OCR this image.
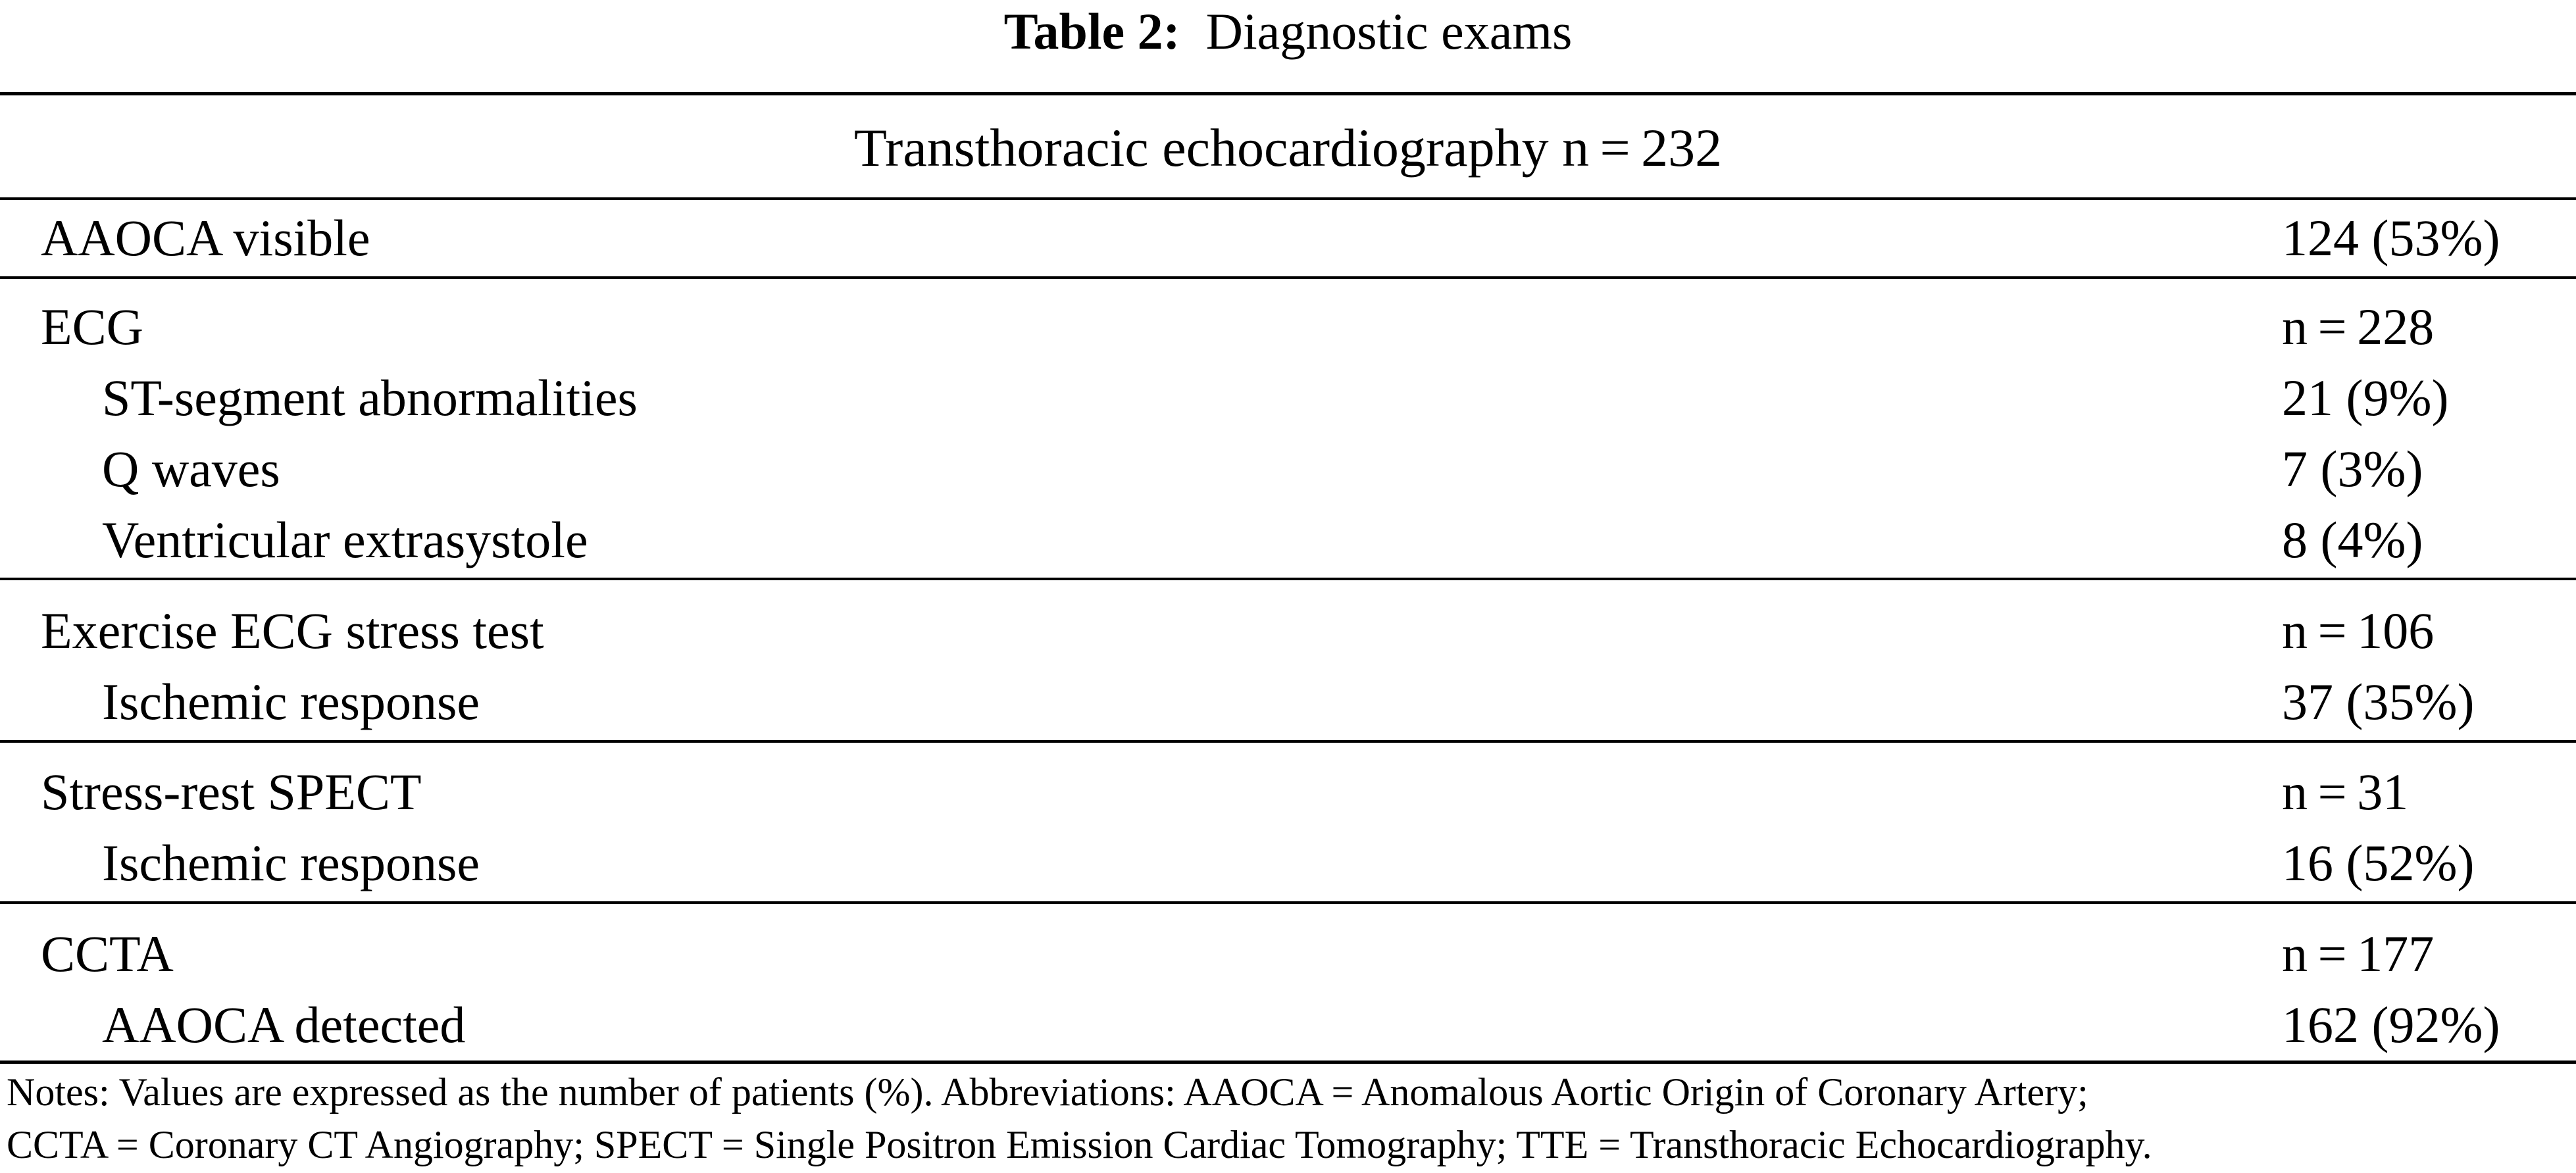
Table 2: Diagnostic exams
Transthoracic echocardiography n = 232
AAOCA visible	124 (53%)
ECG	n = 228
ST-segment abnormalities	21 (9%)
Q waves	7 (3%)
Ventricular extrasystole	8 (4%)
Exercise ECG stress test	n = 106
Ischemic response	37 (35%)
Stress-rest SPECT	n = 31
Ischemic response	16 (52%)
CCTA	n = 177
AAOCA detected	162 (92%)
Notes: Values are expressed as the number of patients (%). Abbreviations: AAOCA = Anomalous Aortic Origin of Coronary Artery;
CCTA = Coronary CT Angiography; SPECT = Single Positron Emission Cardiac Tomography; TTE = Transthoracic Echocardiography.
